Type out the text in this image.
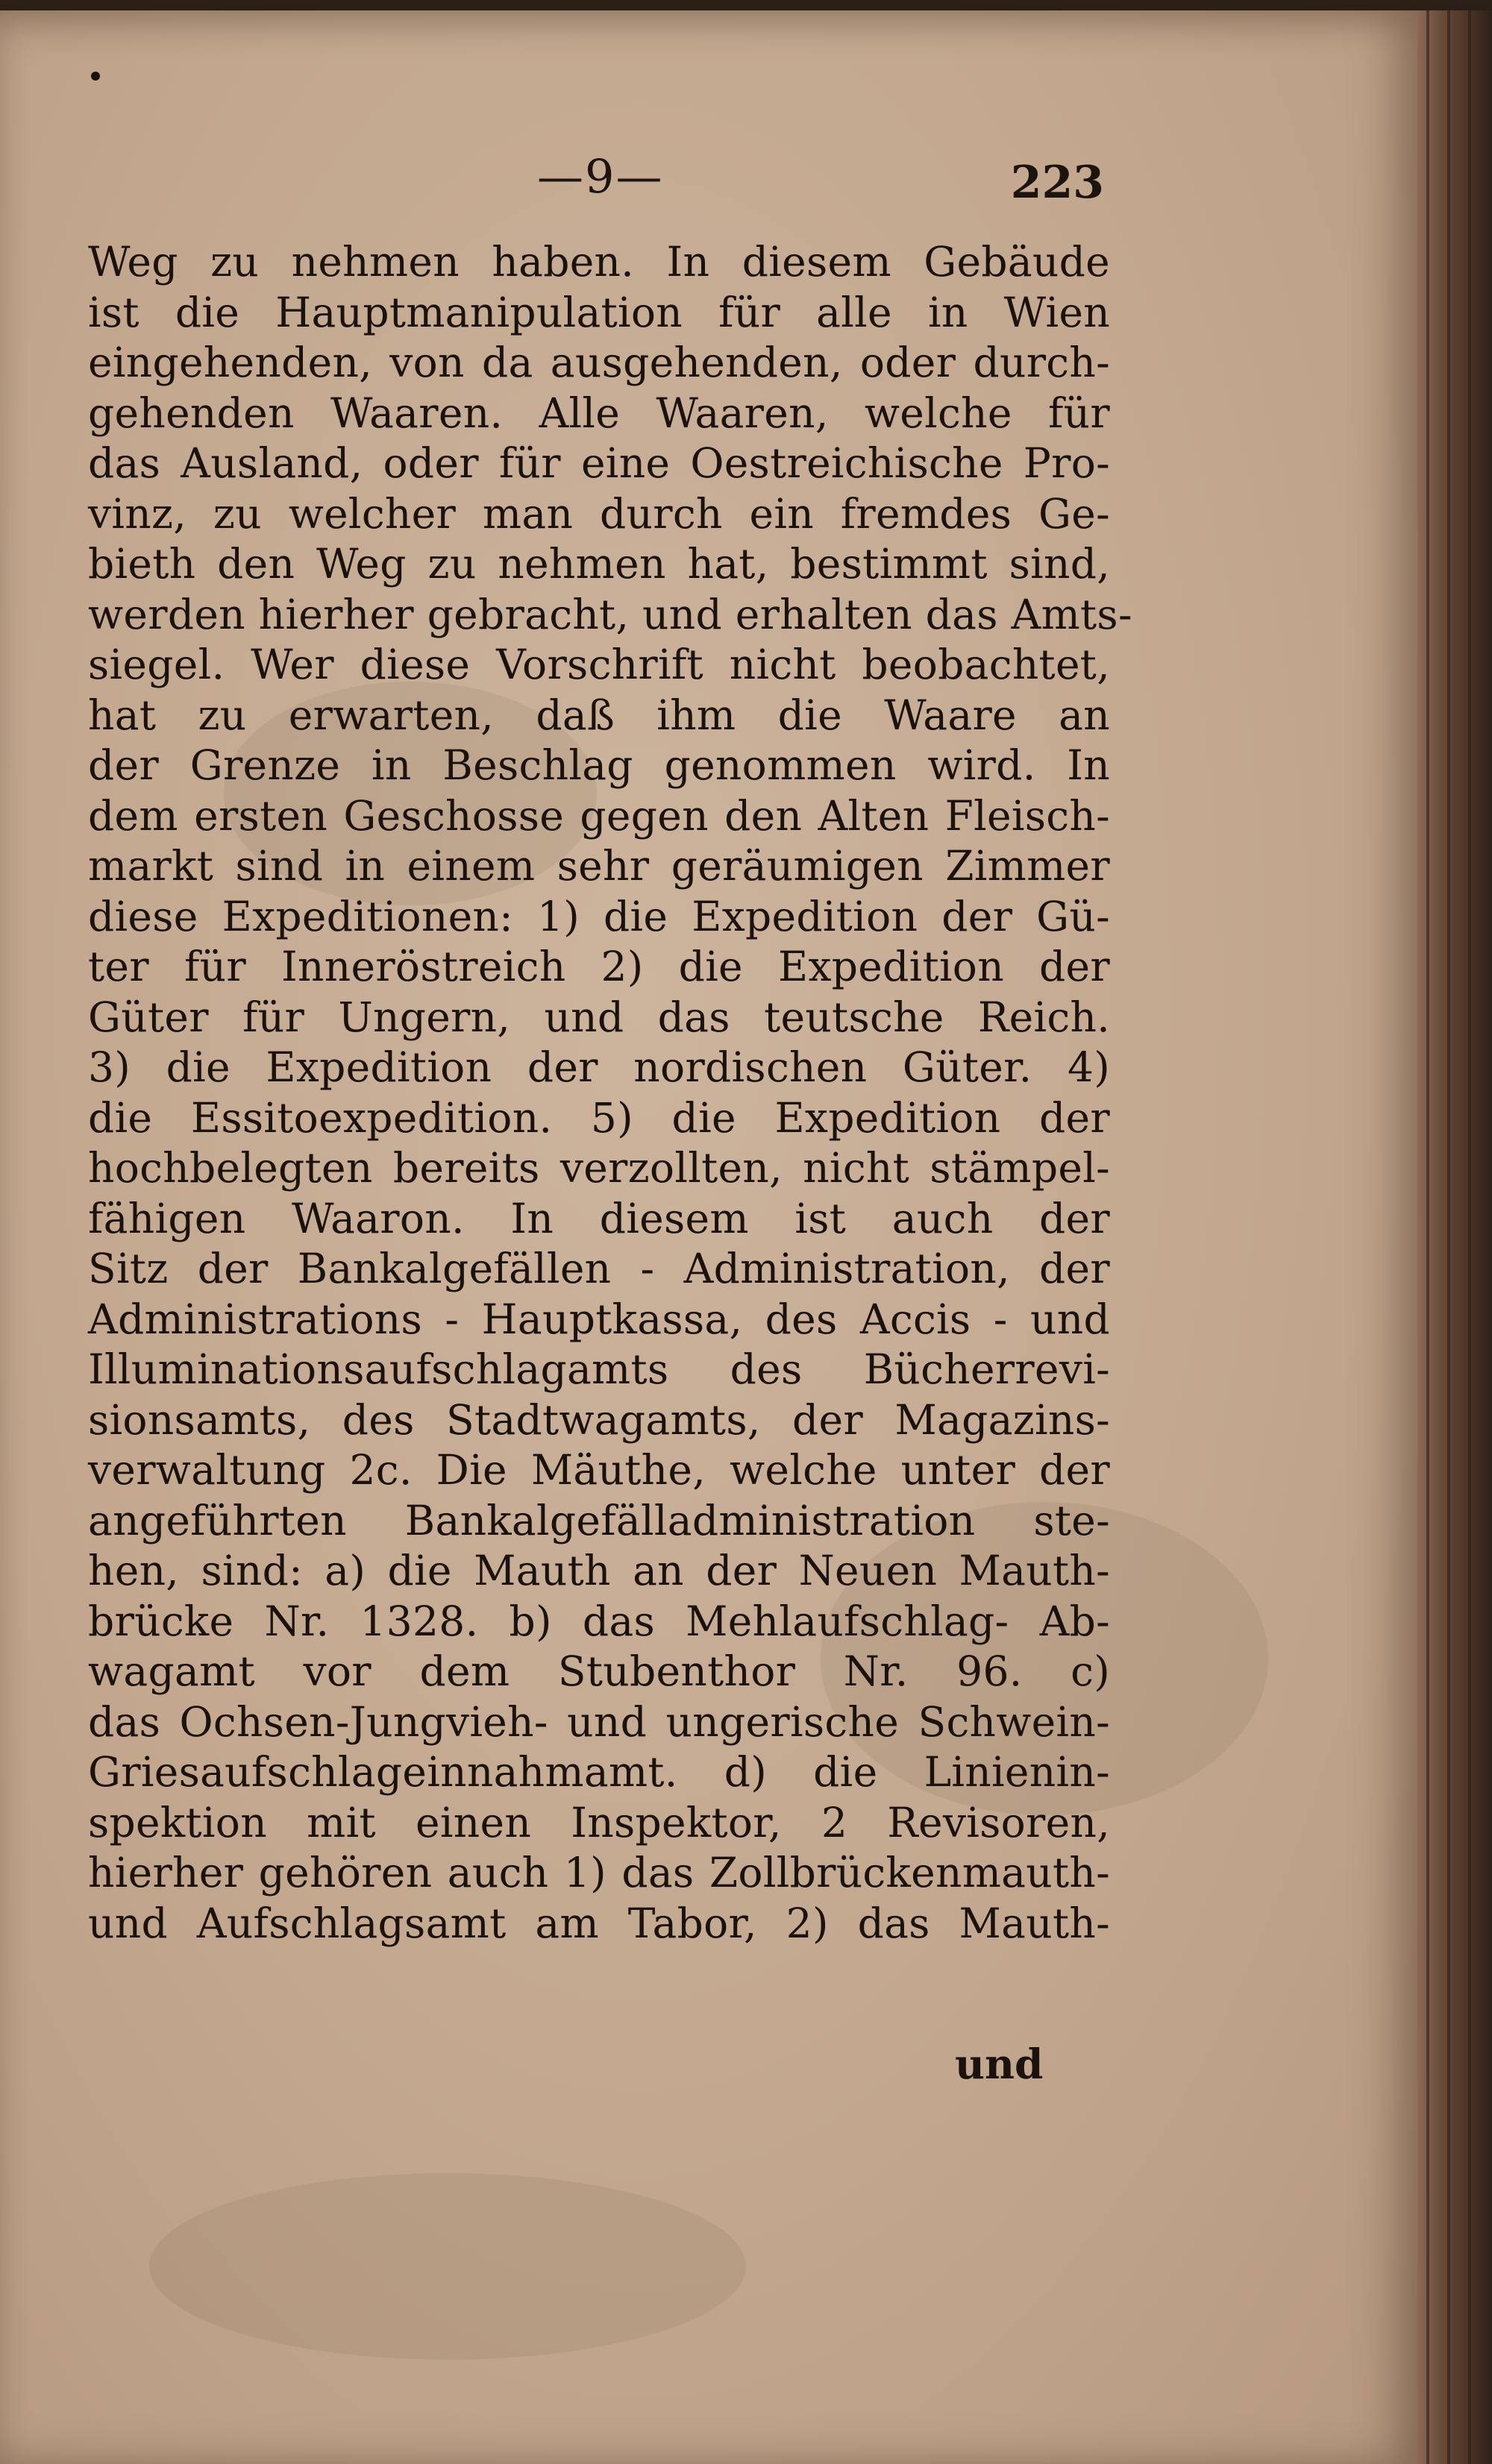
—9—	223
Weg zu nehmen haben. In diesem Gebäude
ist die Hauptmanipulation für alle in Wien
eingehenden, von da ausgehenden, oder durch-
gehenden Waaren. Alle Waaren, welche für
das Ausland, oder für eine Oestreichische Pro-
vinz, zu welcher man durch ein fremdes Ge-
bieth den Weg zu nehmen hat, bestimmt sind,
werden hierher gebracht, und erhalten das Amts-
siegel. Wer diese Vorschrift nicht beobachtet,
hat zu erwarten, daß ihm die Waare an
der Grenze in Beschlag genommen wird. In
dem ersten Geschosse gegen den Alten Fleisch-
markt sind in einem sehr geräumigen Zimmer
diese Expeditionen: 1) die Expedition der Gü-
ter für Inneröstreich 2) die Expedition der
Güter für Ungern, und das teutsche Reich.
3) die Expedition der nordischen Güter. 4)
die Essitoexpedition. 5) die Expedition der
hochbelegten bereits verzollten, nicht stämpel-
fähigen Waaron. In diesem ist auch der
Sitz der Bankalgefällen - Administration, der
Administrations - Hauptkassa, des Accis - und
Illuminationsaufschlagamts des Bücherrevi-
sionsamts, des Stadtwagamts, der Magazins-
verwaltung 2c. Die Mäuthe, welche unter der
angeführten Bankalgefälladministration ste-
hen, sind: a) die Mauth an der Neuen Mauth-
brücke Nr. 1328. b) das Mehlaufschlag- Ab-
wagamt vor dem Stubenthor Nr. 96. c)
das Ochsen-Jungvieh- und ungerische Schwein-
Griesaufschlageinnahmamt. d) die Linienin-
spektion mit einen Inspektor, 2 Revisoren,
hierher gehören auch 1) das Zollbrückenmauth-
und Aufschlagsamt am Tabor, 2) das Mauth-
und
